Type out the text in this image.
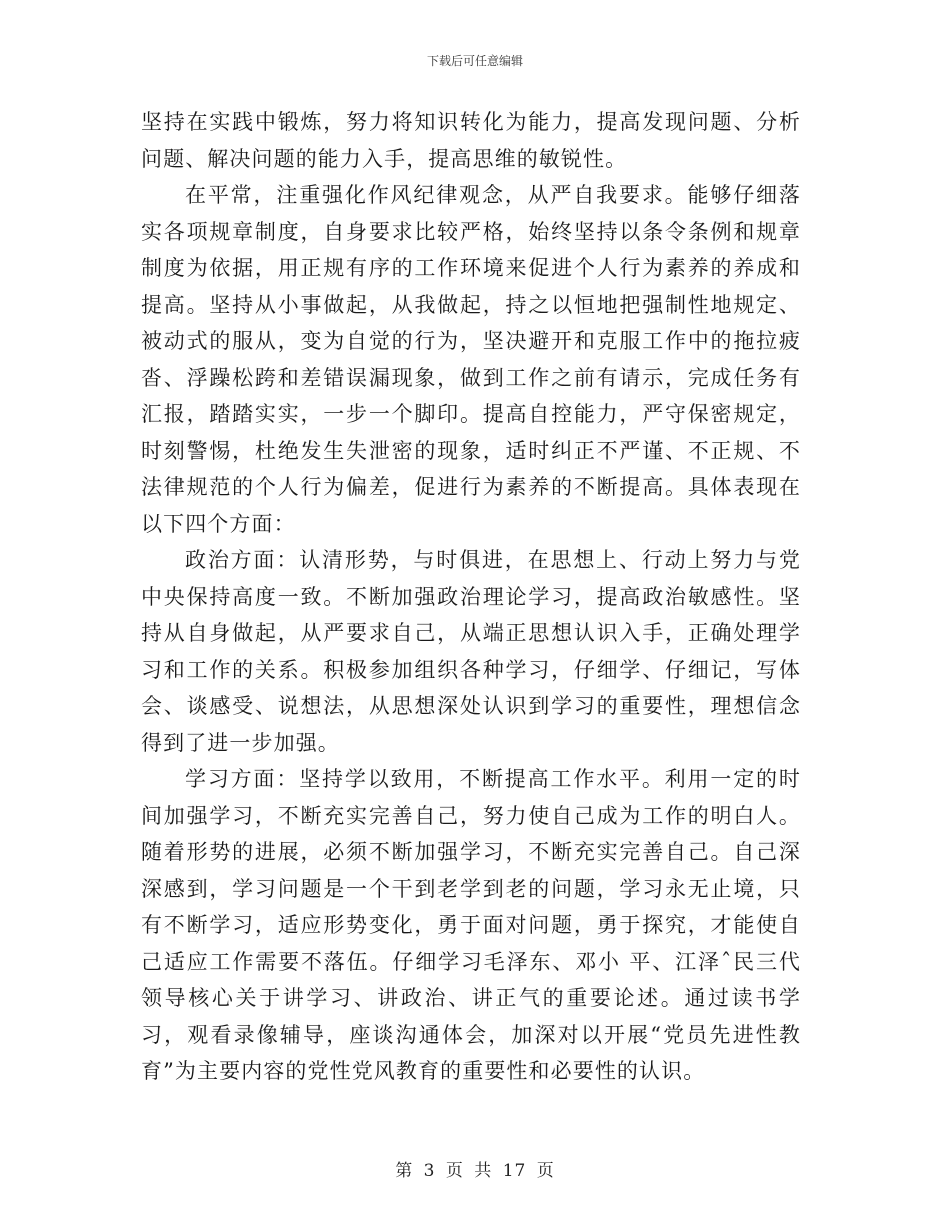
下载后可任意编辑

坚持在实践中锻炼，努力将知识转化为能力，提高发现问题、分析问题、解决问题的能力入手，提高思维的敏锐性。

在平常，注重强化作风纪律观念，从严自我要求。能够仔细落实各项规章制度，自身要求比较严格，始终坚持以条令条例和规章制度为依据，用正规有序的工作环境来促进个人行为素养的养成和提高。坚持从小事做起，从我做起，持之以恒地把强制性地规定、被动式的服从，变为自觉的行为，坚决避开和克服工作中的拖拉疲沓、浮躁松跨和差错误漏现象，做到工作之前有请示，完成任务有汇报，踏踏实实，一步一个脚印。提高自控能力，严守保密规定，时刻警惕，杜绝发生失泄密的现象，适时纠正不严谨、不正规、不法律规范的个人行为偏差，促进行为素养的不断提高。具体表现在以下四个方面：

政治方面：认清形势，与时俱进，在思想上、行动上努力与党中央保持高度一致。不断加强政治理论学习，提高政治敏感性。坚持从自身做起，从严要求自己，从端正思想认识入手，正确处理学习和工作的关系。积极参加组织各种学习，仔细学、仔细记，写体会、谈感受、说想法，从思想深处认识到学习的重要性，理想信念得到了进一步加强。

学习方面：坚持学以致用，不断提高工作水平。利用一定的时间加强学习，不断充实完善自己，努力使自己成为工作的明白人。随着形势的进展，必须不断加强学习，不断充实完善自己。自己深深感到，学习问题是一个干到老学到老的问题，学习永无止境，只有不断学习，适应形势变化，勇于面对问题，勇于探究，才能使自己适应工作需要不落伍。仔细学习毛泽东、邓小 平、江泽ˆ民三代领导核心关于讲学习、讲政治、讲正气的重要论述。通过读书学习，观看录像辅导，座谈沟通体会，加深对以开展“党员先进性教育”为主要内容的党性党风教育的重要性和必要性的认识。

第 3 页 共 17 页
